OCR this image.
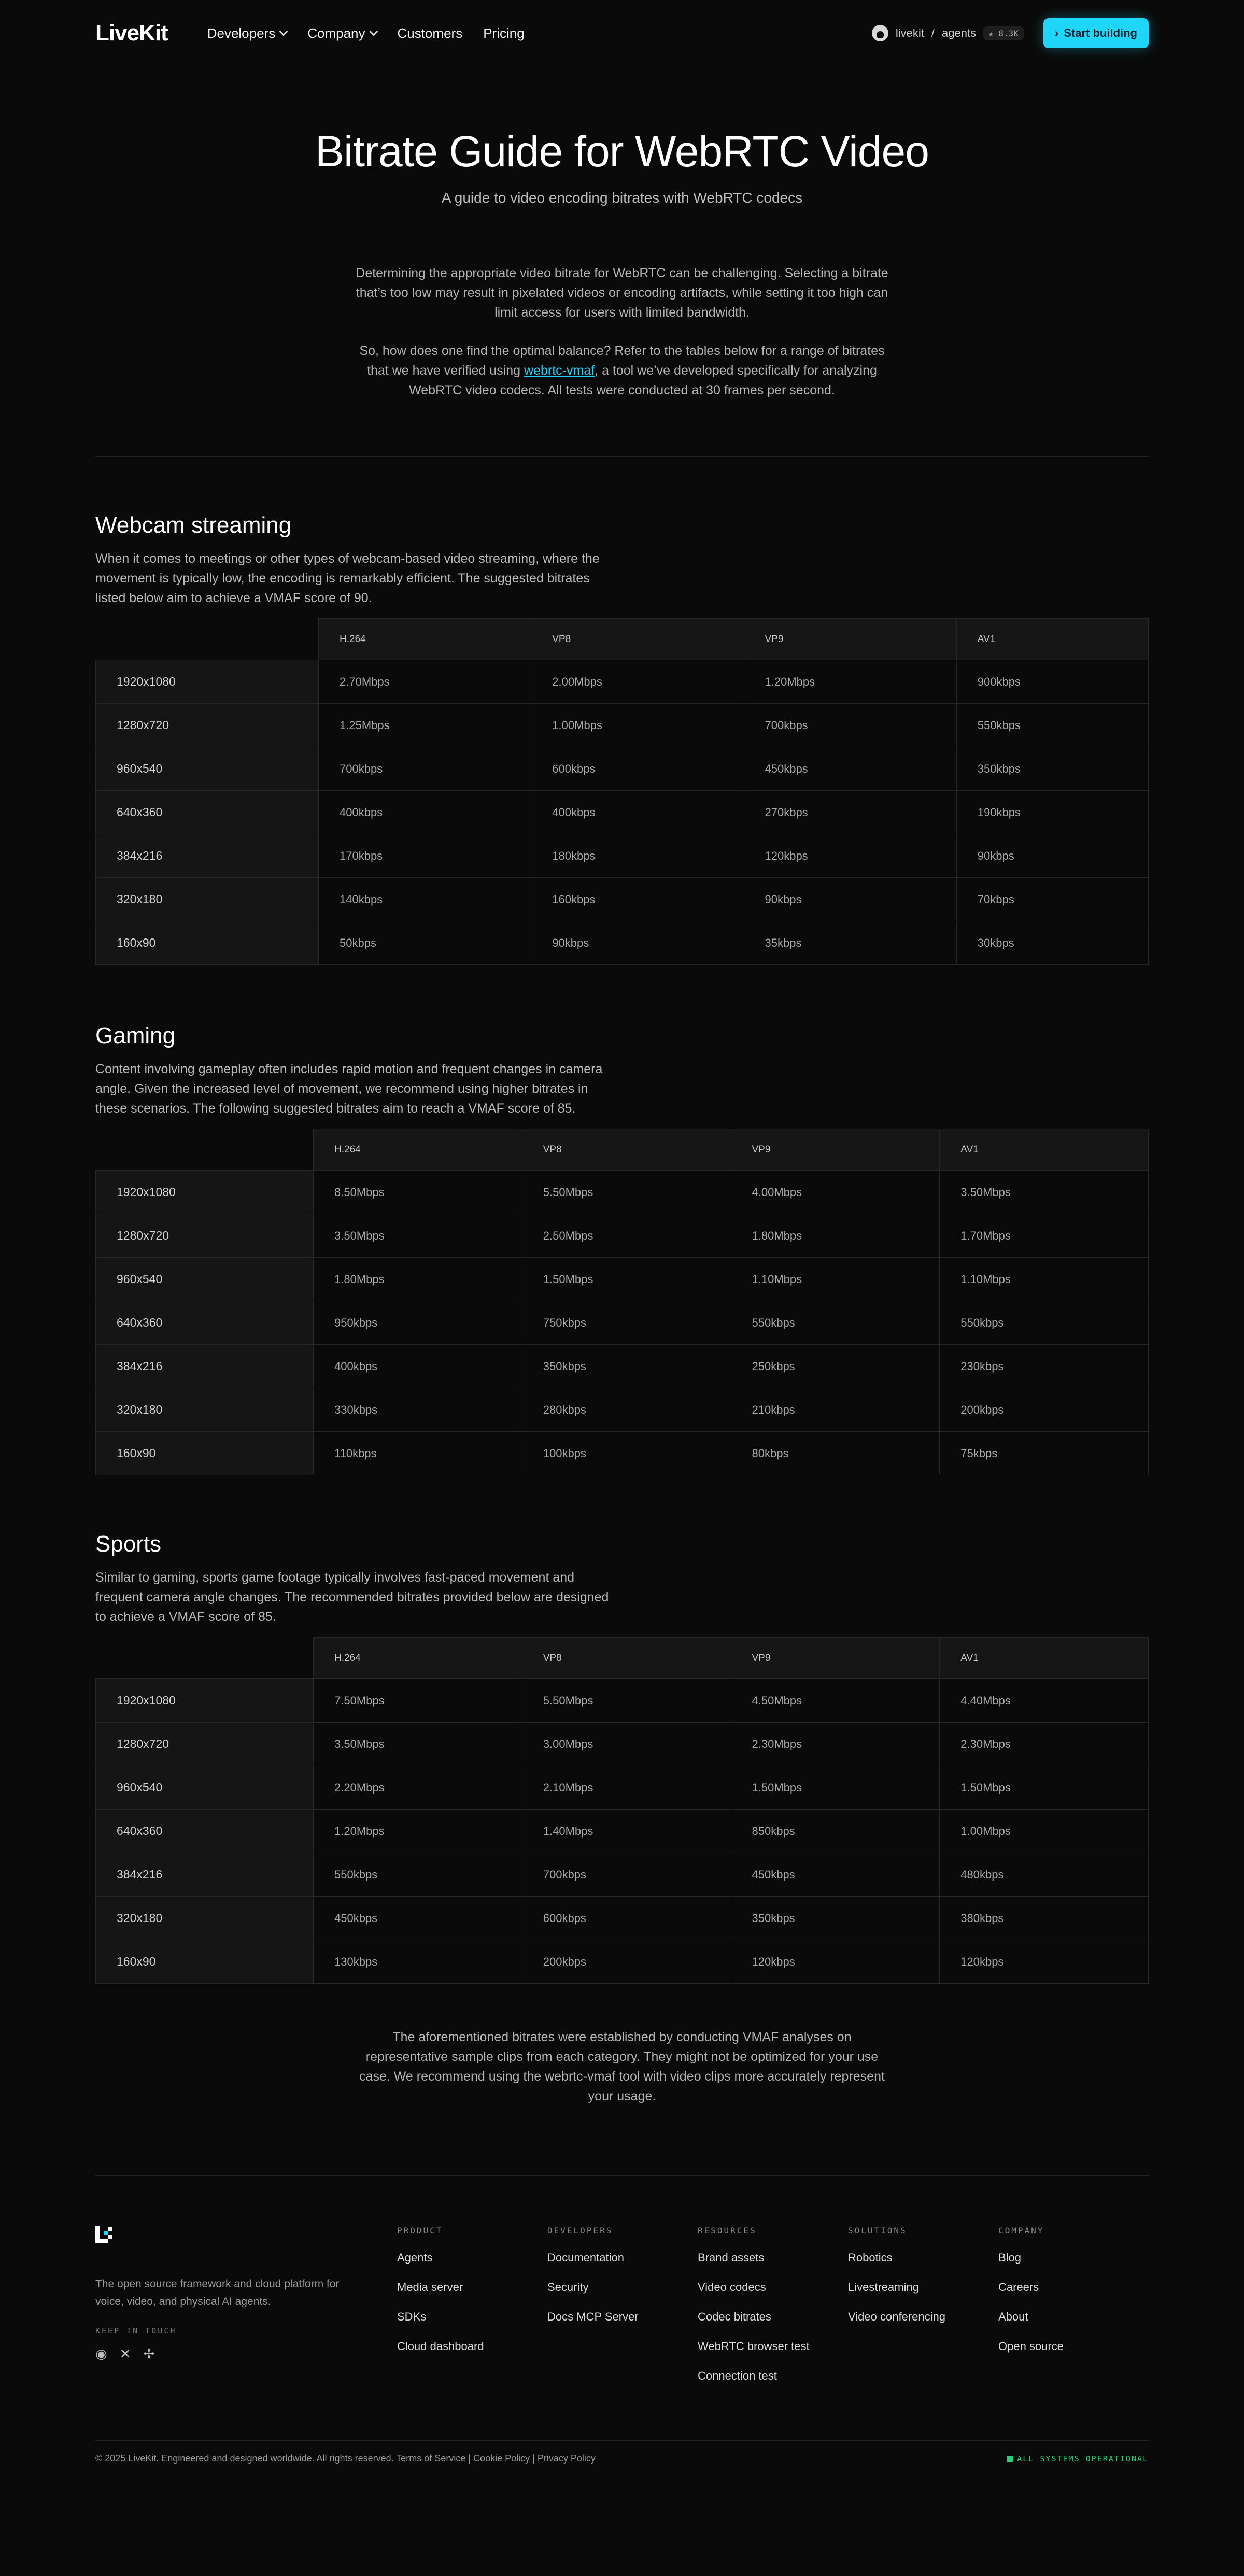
LiveKit	Developers Company Customers Pricing	livekit / agents	★ 8.3K	› Start building
Bitrate Guide for WebRTC Video
A guide to video encoding bitrates with WebRTC codecs

Determining the appropriate video bitrate for WebRTC can be challenging. Selecting a bitrate that’s too low may result in pixelated videos or encoding artifacts, while setting it too high can limit access for users with limited bandwidth.

So, how does one find the optimal balance? Refer to the tables below for a range of bitrates that we have verified using webrtc-vmaf, a tool we’ve developed specifically for analyzing WebRTC video codecs. All tests were conducted at 30 frames per second.

Webcam streaming
When it comes to meetings or other types of webcam-based video streaming, where the movement is typically low, the encoding is remarkably efficient. The suggested bitrates listed below aim to achieve a VMAF score of 90.
	H.264	VP8	VP9	AV1
1920x1080	2.70Mbps	2.00Mbps	1.20Mbps	900kbps
1280x720	1.25Mbps	1.00Mbps	700kbps	550kbps
960x540	700kbps	600kbps	450kbps	350kbps
640x360	400kbps	400kbps	270kbps	190kbps
384x216	170kbps	180kbps	120kbps	90kbps
320x180	140kbps	160kbps	90kbps	70kbps
160x90	50kbps	90kbps	35kbps	30kbps
Gaming
Content involving gameplay often includes rapid motion and frequent changes in camera angle. Given the increased level of movement, we recommend using higher bitrates in these scenarios. The following suggested bitrates aim to reach a VMAF score of 85.
	H.264	VP8	VP9	AV1
1920x1080	8.50Mbps	5.50Mbps	4.00Mbps	3.50Mbps
1280x720	3.50Mbps	2.50Mbps	1.80Mbps	1.70Mbps
960x540	1.80Mbps	1.50Mbps	1.10Mbps	1.10Mbps
640x360	950kbps	750kbps	550kbps	550kbps
384x216	400kbps	350kbps	250kbps	230kbps
320x180	330kbps	280kbps	210kbps	200kbps
160x90	110kbps	100kbps	80kbps	75kbps
Sports
Similar to gaming, sports game footage typically involves fast-paced movement and frequent camera angle changes. The recommended bitrates provided below are designed to achieve a VMAF score of 85.
	H.264	VP8	VP9	AV1
1920x1080	7.50Mbps	5.50Mbps	4.50Mbps	4.40Mbps
1280x720	3.50Mbps	3.00Mbps	2.30Mbps	2.30Mbps
960x540	2.20Mbps	2.10Mbps	1.50Mbps	1.50Mbps
640x360	1.20Mbps	1.40Mbps	850kbps	1.00Mbps
384x216	550kbps	700kbps	450kbps	480kbps
320x180	450kbps	600kbps	350kbps	380kbps
160x90	130kbps	200kbps	120kbps	120kbps
The aforementioned bitrates were established by conducting VMAF analyses on representative sample clips from each category. They might not be optimized for your use case. We recommend using the webrtc-vmaf tool with video clips more accurately represent your usage.
The open source framework and cloud platform for voice, video, and physical AI agents.
KEEP IN TOUCH
◉ ✕ ✢
PRODUCT
Agents
Media server
SDKs
Cloud dashboard
DEVELOPERS
Documentation
Security
Docs MCP Server
RESOURCES
Brand assets
Video codecs
Codec bitrates
WebRTC browser test
Connection test
SOLUTIONS
Robotics
Livestreaming
Video conferencing
COMPANY
Blog
Careers
About
Open source
© 2025 LiveKit. Engineered and designed worldwide. All rights reserved. Terms of Service | Cookie Policy | Privacy Policy	ALL SYSTEMS OPERATIONAL
